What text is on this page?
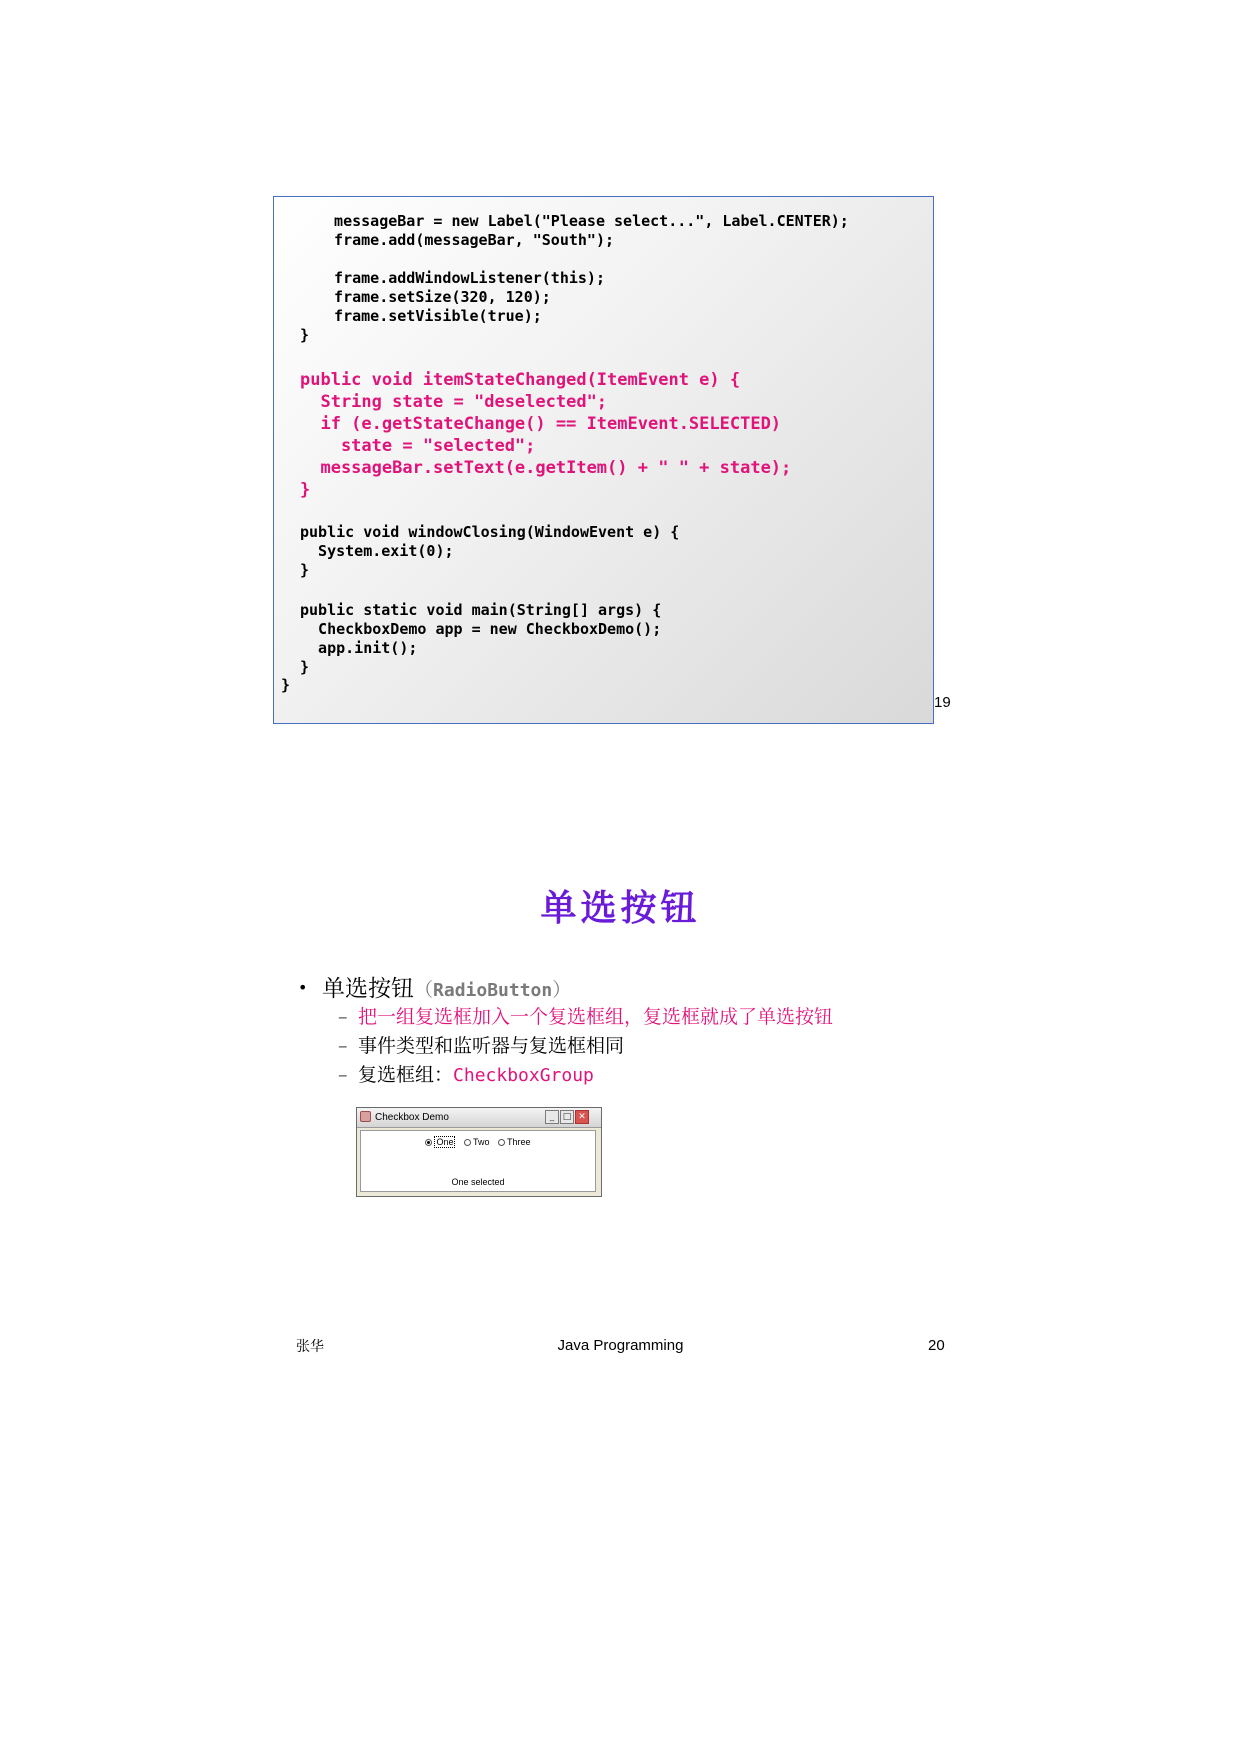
messageBar = new Label("Please select...", Label.CENTER);
frame.add(messageBar, "South");
frame.addWindowListener(this);
frame.setSize(320, 120);
frame.setVisible(true);
}
public void itemStateChanged(ItemEvent e) {
String state = "deselected";
if (e.getStateChange() == ItemEvent.SELECTED)
state = "selected";
messageBar.setText(e.getItem() + " " + state);
}
public void windowClosing(WindowEvent e) {
System.exit(0);
}
public static void main(String[] args) {
CheckboxDemo app = new CheckboxDemo();
app.init();
}
}
19
单选按钮
• 单选按钮（RadioButton）
– 把一组复选框加入一个复选框组，复选框就成了单选按钮
– 事件类型和监听器与复选框相同
– 复选框组：CheckboxGroup
Checkbox Demo	_ □ ✕
One Two Three
One selected
张华	Java Programming	20
